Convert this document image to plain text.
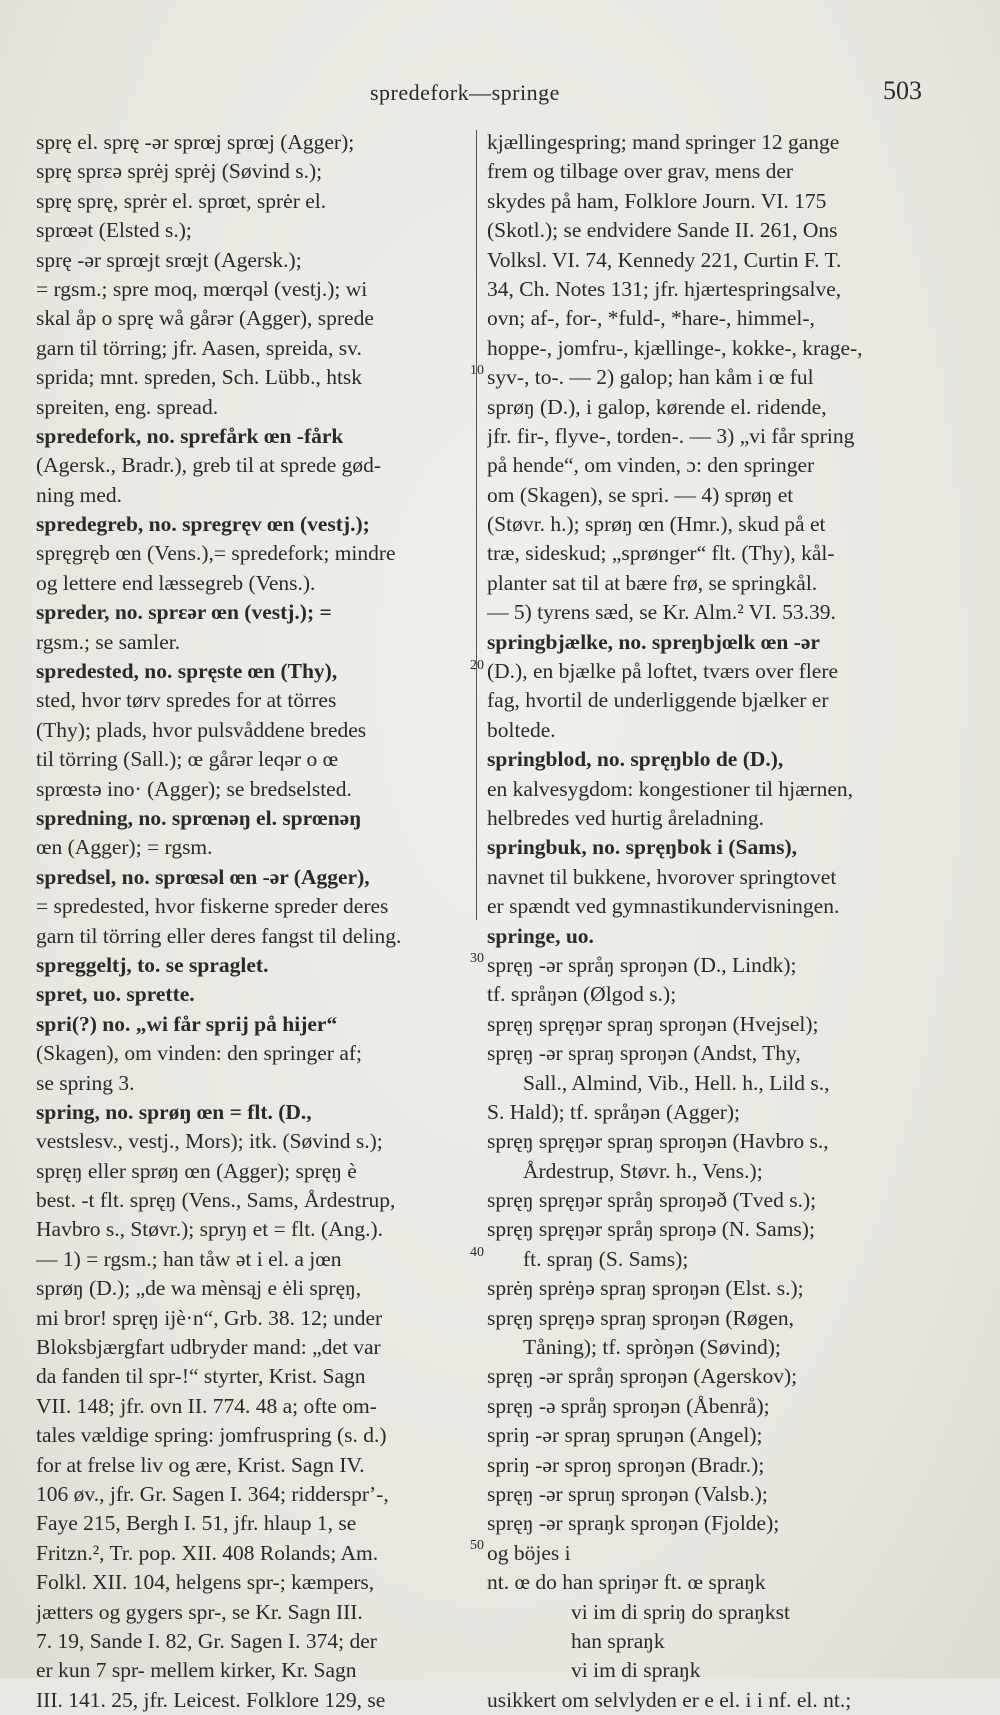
spredefork—springe	503
10
20
30
40
50
sprę el. sprę -ər sprœj sprœj (Agger);
sprę sprɛə sprėj sprėj (Søvind s.);
sprę sprę, sprėr el. sprœt, sprėr el.
sprœət (Elsted s.);
sprę -ər sprœjt srœjt (Agersk.);
= rgsm.; spre moq, mœrqəl (vestj.); wi
skal åp o sprę wå gårər (Agger), sprede
garn til törring; jfr. Aasen, spreida, sv.
sprida; mnt. spreden, Sch. Lübb., htsk
spreiten, eng. spread.
spredefork, no. sprefårk œn -fårk
(Agersk., Bradr.), greb til at sprede gød-
ning med.
spredegreb, no. spregręv œn (vestj.);
spręgręb œn (Vens.),= spredefork; mindre
og lettere end læssegreb (Vens.).
spreder, no. sprɛər œn (vestj.); =
rgsm.; se samler.
spredested, no. spręste œn (Thy),
sted, hvor tørv spredes for at törres
(Thy); plads, hvor pulsvåddene bredes
til törring (Sall.); œ gårər leqər o œ
sprœstə ino· (Agger); se bredselsted.
spredning, no. sprœnəŋ el. sprœnəŋ
œn (Agger); = rgsm.
spredsel, no. sprœsəl œn -ər (Agger),
= spredested, hvor fiskerne spreder deres
garn til törring eller deres fangst til deling.
spreggeltj, to. se spraglet.
spret, uo. sprette.
spri(?) no. „wi får sprij på hijer“
(Skagen), om vinden: den springer af;
se spring 3.
spring, no. sprøŋ œn = flt. (D.,
vestslesv., vestj., Mors); itk. (Søvind s.);
spręŋ eller sprøŋ œn (Agger); spręŋ è
best. -t flt. spręŋ (Vens., Sams, Årdestrup,
Havbro s., Støvr.); spryŋ et = flt. (Ang.).
— 1) = rgsm.; han tåw ət i el. a jœn
sprøŋ (D.); „de wa mènsąj e ėli spręŋ,
mi bror! spręŋ ijè·n“, Grb. 38. 12; under
Bloksbjærgfart udbryder mand: „det var
da fanden til spr-!“ styrter, Krist. Sagn
VII. 148; jfr. ovn II. 774. 48 a; ofte om-
tales vældige spring: jomfruspring (s. d.)
for at frelse liv og ære, Krist. Sagn IV.
106 øv., jfr. Gr. Sagen I. 364; riddersprʼ-,
Faye 215, Bergh I. 51, jfr. hlaup 1, se
Fritzn.², Tr. pop. XII. 408 Rolands; Am.
Folkl. XII. 104, helgens spr-; kæmpers,
jætters og gygers spr-, se Kr. Sagn III.
7. 19, Sande I. 82, Gr. Sagen I. 374; der
er kun 7 spr- mellem kirker, Kr. Sagn
III. 141. 25, jfr. Leicest. Folklore 129, se
kjællingespring; mand springer 12 gange
frem og tilbage over grav, mens der
skydes på ham, Folklore Journ. VI. 175
(Skotl.); se endvidere Sande II. 261, Ons
Volksl. VI. 74, Kennedy 221, Curtin F. T.
34, Ch. Notes 131; jfr. hjærtespringsalve,
ovn; af-, for-, *fuld-, *hare-, himmel-,
hoppe-, jomfru-, kjællinge-, kokke-, krage-,
syv-, to-. — 2) galop; han kåm i œ ful
sprøŋ (D.), i galop, kørende el. ridende,
jfr. fir-, flyve-, torden-. — 3) „vi får spring
på hende“, om vinden, ɔ: den springer
om (Skagen), se spri. — 4) sprøŋ et
(Støvr. h.); sprøŋ œn (Hmr.), skud på et
træ, sideskud; „sprønger“ flt. (Thy), kål-
planter sat til at bære frø, se springkål.
— 5) tyrens sæd, se Kr. Alm.² VI. 53.39.
springbjælke, no. spreŋbjœlk œn -ər
(D.), en bjælke på loftet, tværs over flere
fag, hvortil de underliggende bjælker er
boltede.
springblod, no. spręŋblo de (D.),
en kalvesygdom: kongestioner til hjærnen,
helbredes ved hurtig åreladning.
springbuk, no. spręŋbok i (Sams),
navnet til bukkene, hvorover springtovet
er spændt ved gymnastikundervisningen.
springe, uo.
spręŋ -ər språŋ sproŋən (D., Lindk);
tf. språŋən (Ølgod s.);
spręŋ spręŋər spraŋ sproŋən (Hvejsel);
spręŋ -ər spraŋ sproŋən (Andst, Thy,
Sall., Almind, Vib., Hell. h., Lild s.,
S. Hald); tf. språŋən (Agger);
spręŋ spręŋər spraŋ sproŋən (Havbro s.,
Årdestrup, Støvr. h., Vens.);
spręŋ spręŋər språŋ sproŋəð (Tved s.);
spręŋ spręŋər språŋ sproŋə (N. Sams);
ft. spraŋ (S. Sams);
sprėŋ sprėŋə spraŋ sproŋən (Elst. s.);
spręŋ spręŋə spraŋ sproŋən (Røgen,
Tåning); tf. spròŋən (Søvind);
spręŋ -ər språŋ sproŋən (Agerskov);
spręŋ -ə språŋ sproŋən (Åbenrå);
spriŋ -ər spraŋ spruŋən (Angel);
spriŋ -ər sproŋ sproŋən (Bradr.);
spręŋ -ər spruŋ sproŋən (Valsb.);
spręŋ -ər spraŋk sproŋən (Fjolde);
og böjes i
nt. œ do han spriŋər ft. œ spraŋk
vi im di spriŋ do spraŋkst
han spraŋk
vi im di spraŋk
usikkert om selvlyden er e el. i i nf. el. nt.;
